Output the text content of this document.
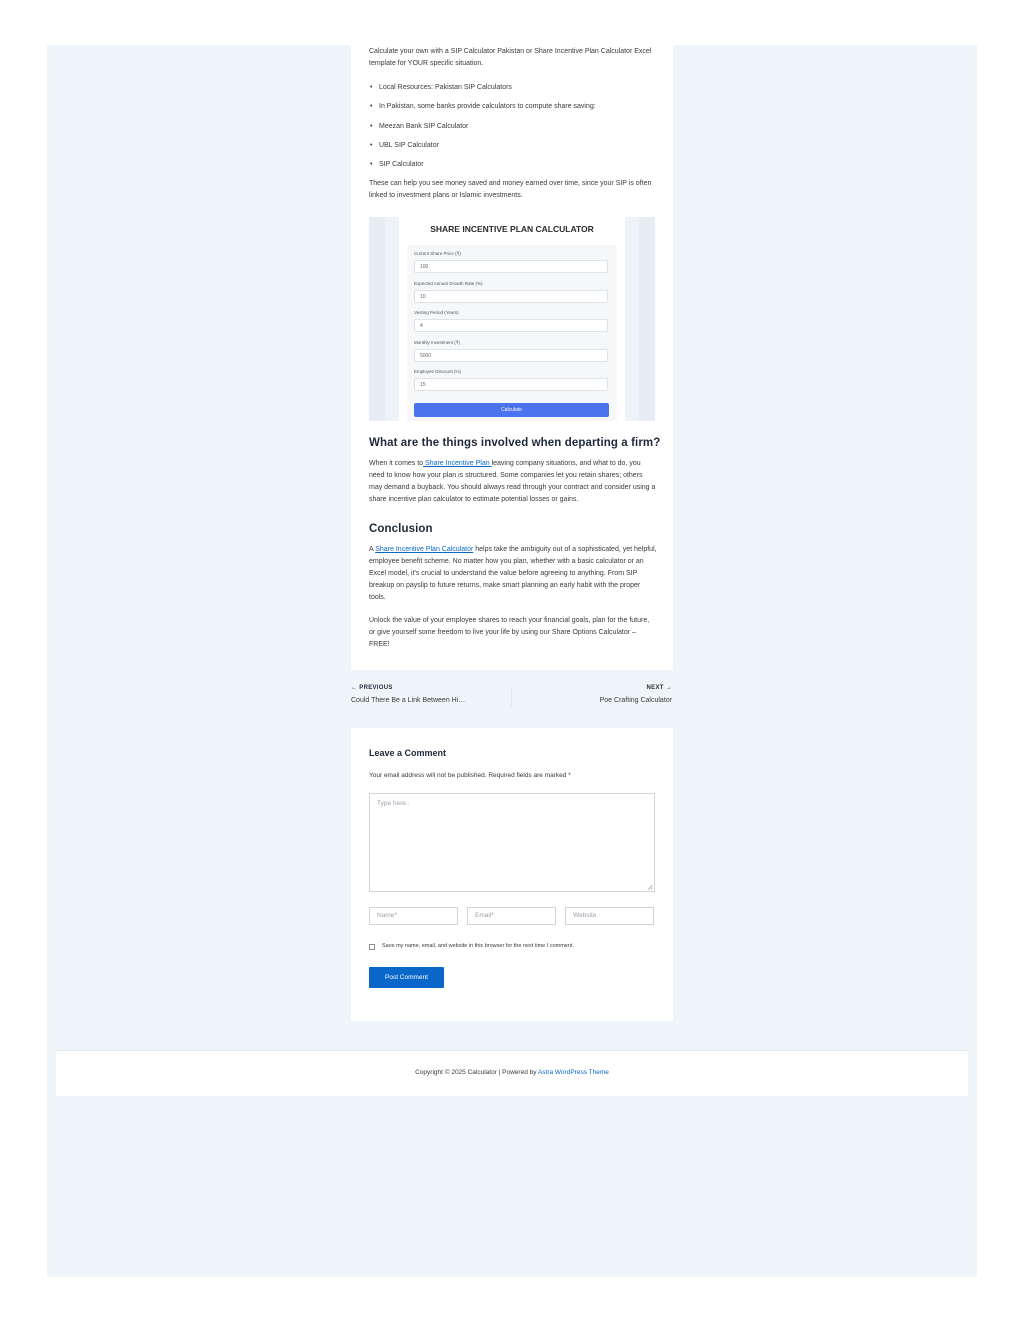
Calculate your own with a SIP Calculator Pakistan or Share Incentive Plan Calculator Excel template for YOUR specific situation.
• Local Resources: Pakistan SIP Calculators
• In Pakistan, some banks provide calculators to compute share saving:
• Meezan Bank SIP Calculator
• UBL SIP Calculator
• SIP Calculator
These can help you see money saved and money earned over time, since your SIP is often linked to investment plans or Islamic investments.
SHARE INCENTIVE PLAN CALCULATOR
Current Share Price (₹)
100
Expected Annual Growth Rate (%)
10
Vesting Period (Years)
4
Monthly Investment (₹)
5000
Employee Discount (%)
15
Calculate
What are the things involved when departing a firm?
When it comes to Share Incentive Plan leaving company situations, and what to do, you need to know how your plan is structured. Some companies let you retain shares; others may demand a buyback. You should always read through your contract and consider using a share incentive plan calculator to estimate potential losses or gains.
Conclusion
A Share Incentive Plan Calculator helps take the ambiguity out of a sophisticated, yet helpful, employee benefit scheme. No matter how you plan, whether with a basic calculator or an Excel model, it's crucial to understand the value before agreeing to anything. From SIP breakup on payslip to future returns, make smart planning an early habit with the proper tools.
Unlock the value of your employee shares to reach your financial goals, plan for the future, or give yourself some freedom to live your life by using our Share Options Calculator – FREE!
← PREVIOUS
Could There Be a Link Between Hi…
NEXT →
Poe Crafting Calculator
Leave a Comment
Your email address will not be published. Required fields are marked *
Type here..
Name*	Email*	Website
Save my name, email, and website in this browser for the next time I comment.
Post Comment
Copyright © 2025 Calculator | Powered by Astra WordPress Theme
